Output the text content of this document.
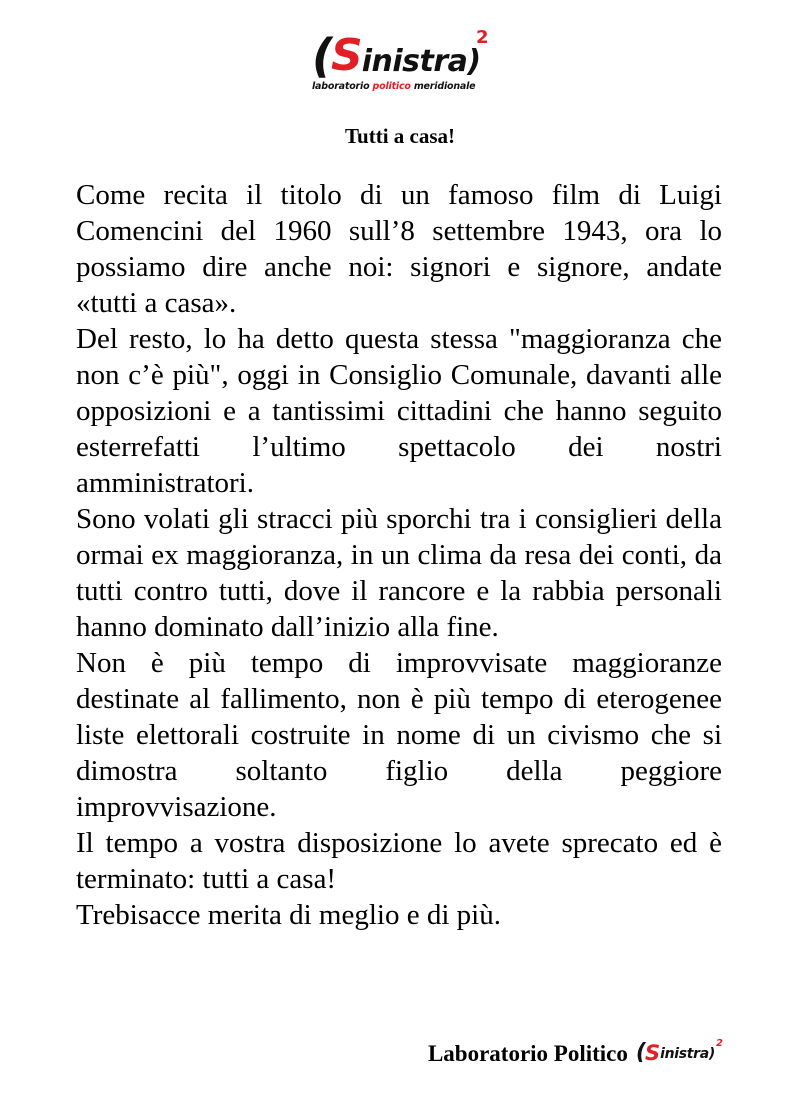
(Sinistra)
2
laboratorio politico meridionale
Tutti a casa!

Come recita il titolo di un famoso film di Luigi Comencini del 1960 sull’8 settembre 1943, ora lo possiamo dire anche noi: signori e signore, andate «tutti a casa».

Del resto, lo ha detto questa stessa "maggioranza che non c’è più", oggi in Consiglio Comunale, davanti alle opposizioni e a tantissimi cittadini che hanno seguito esterrefatti l’ultimo spettacolo dei nostri amministratori.

Sono volati gli stracci più sporchi tra i consiglieri della ormai ex maggioranza, in un clima da resa dei conti, da tutti contro tutti, dove il rancore e la rabbia personali hanno dominato dall’inizio alla fine.

Non è più tempo di improvvisate maggioranze destinate al fallimento, non è più tempo di eterogenee liste elettorali costruite in nome di un civismo che si dimostra soltanto figlio della peggiore improvvisazione.

Il tempo a vostra disposizione lo avete sprecato ed è terminato: tutti a casa!

Trebisacce merita di meglio e di più.

Laboratorio Politico ( S inistra)
2
